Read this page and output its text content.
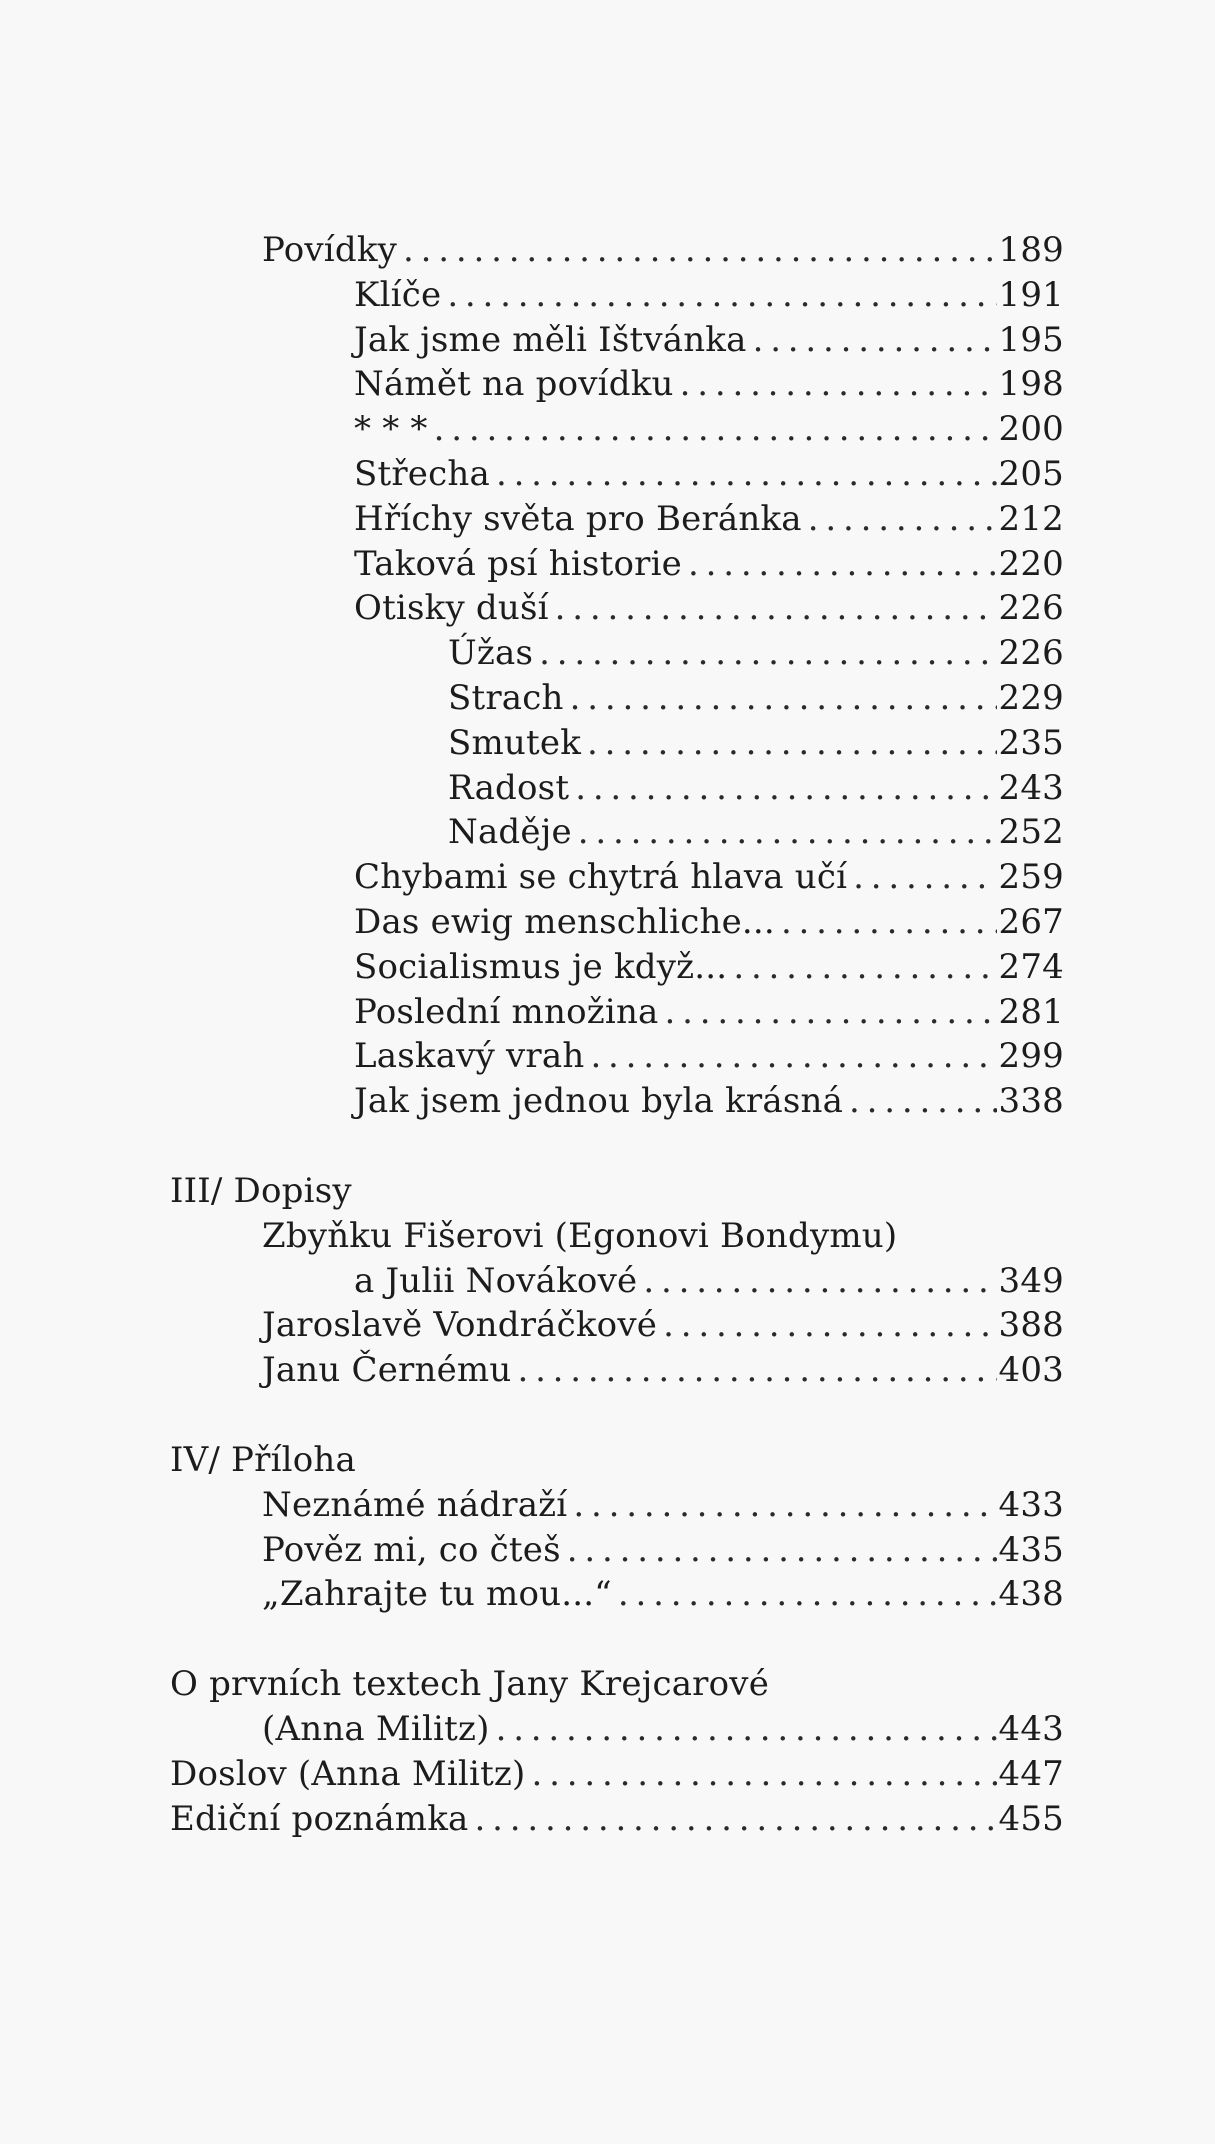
Povídky . . .	189
Klíče . . .	191
Jak jsme měli Ištvánka . . .	195
Námět na povídku . . .	198
* * * . . .	200
Střecha . . .	205
Hříchy světa pro Beránka . . .	212
Taková psí historie . . .	220
Otisky duší . . .	226
Úžas . . .	226
Strach . . .	229
Smutek . . .	235
Radost . . .	243
Naděje . . .	252
Chybami se chytrá hlava učí . . .	259
Das ewig menschliche... . . .	267
Socialismus je když... . . .	274
Poslední množina . . .	281
Laskavý vrah . . .	299
Jak jsem jednou byla krásná . . .	338
III/ Dopisy
Zbyňku Fišerovi (Egonovi Bondymu)
a Julii Novákové . . .	349
Jaroslavě Vondráčkové . . .	388
Janu Černému . . .	403
IV/ Příloha
Neznámé nádraží . . .	433
Pověz mi, co čteš . . .	435
„Zahrajte tu mou...“ . . .	438
O prvních textech Jany Krejcarové
(Anna Militz) . . .	443
Doslov (Anna Militz) . . .	447
Ediční poznámka . . .	455
